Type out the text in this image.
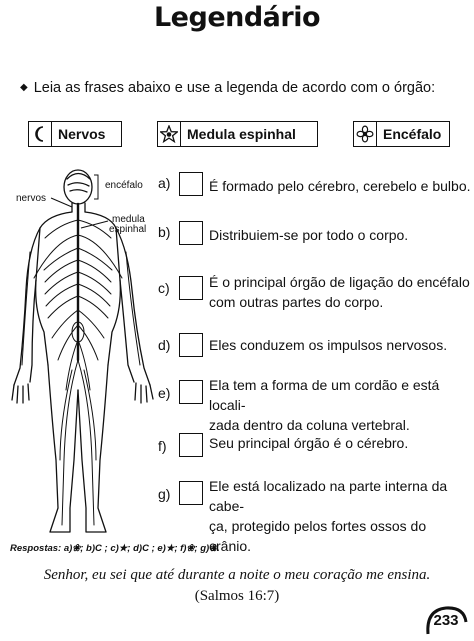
Legendário
◆ Leia as frases abaixo e use a legenda de acordo com o órgão:
Nervos	Medula espinhal	Encéfalo
encéfalo
nervos
medula
espinhal
a)	É formado pelo cérebro, cerebelo e bulbo.
b)	Distribuiem-se por todo o corpo.
c)	É o principal órgão de ligação do encéfalo
com outras partes do corpo.
d)	Eles conduzem os impulsos nervosos.
e)	Ela tem a forma de um cordão e está locali-
zada dentro da coluna vertebral.
f)	Seu principal órgão é o cérebro.
g)	Ele está localizado na parte interna da cabe-
ça, protegido pelos fortes ossos do crânio.
Respostas: a)❀; b)C ; c)★; d)C ; e)★; f)❀; g)❀.
Senhor, eu sei que até durante a noite o meu coração me ensina.
(Salmos 16:7)
233
